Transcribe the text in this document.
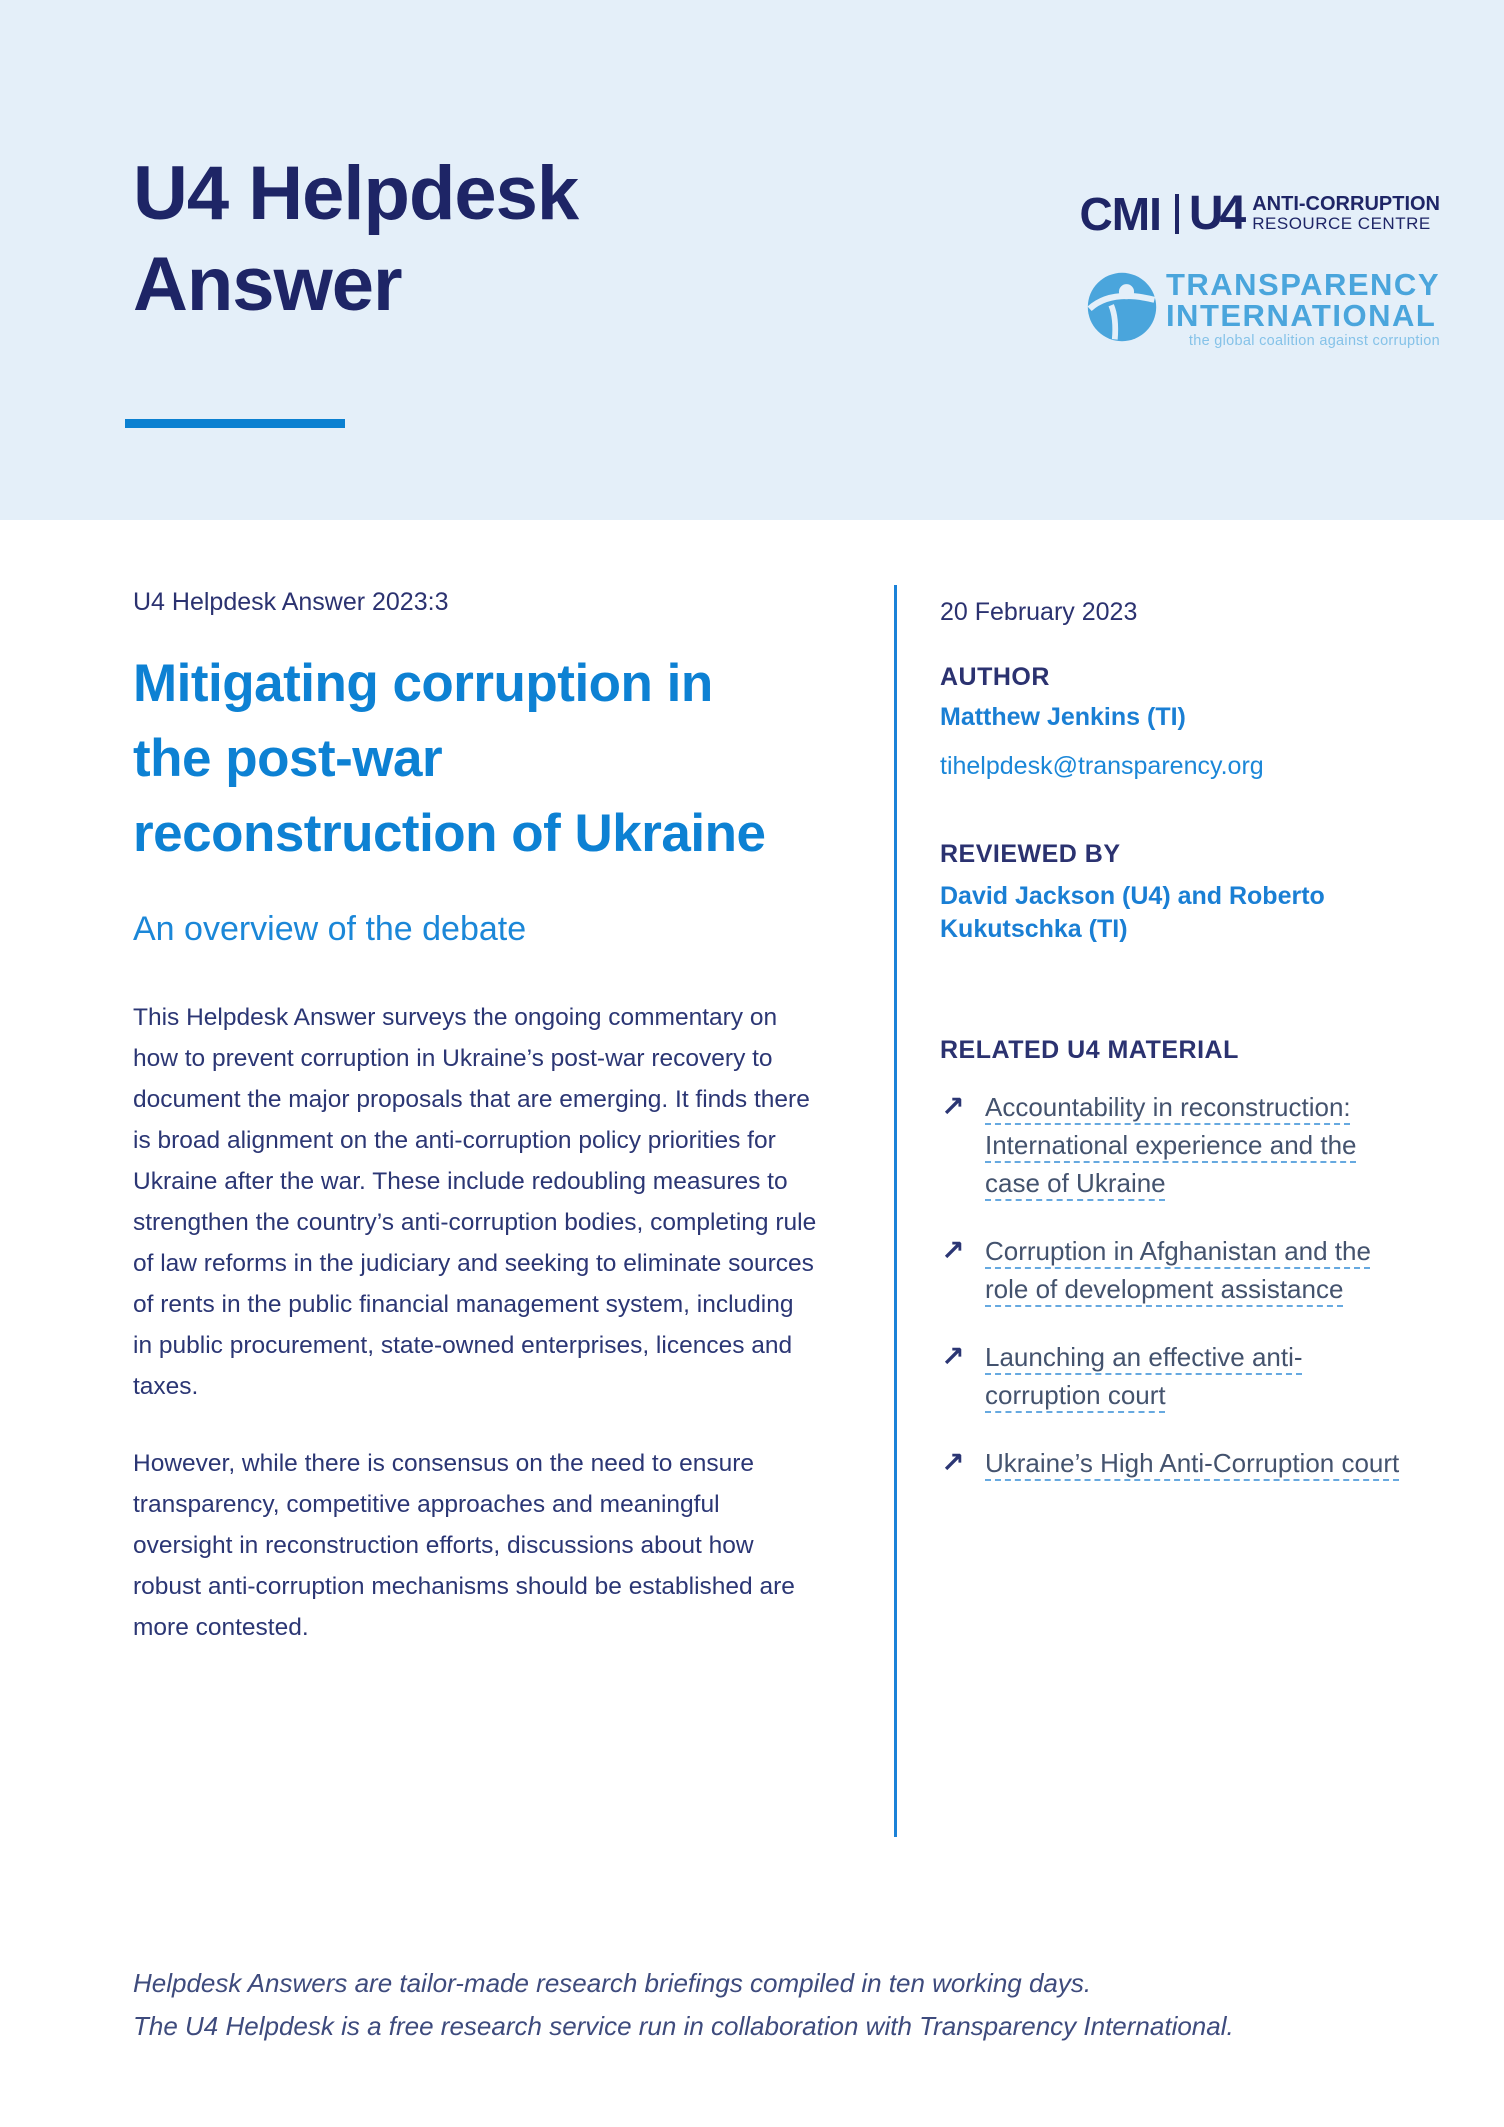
U4 Helpdesk Answer
CMI U4 ANTI-CORRUPTION
RESOURCE CENTRE
TRANSPARENCY
INTERNATIONAL
the global coalition against corruption
U4 Helpdesk Answer 2023:3
Mitigating corruption in
the post-war
reconstruction of Ukraine
An overview of the debate

This Helpdesk Answer surveys the ongoing commentary on how to prevent corruption in Ukraine’s post-war recovery to document the major proposals that are emerging. It finds there is broad alignment on the anti-corruption policy priorities for Ukraine after the war. These include redoubling measures to strengthen the country’s anti-corruption bodies, completing rule of law reforms in the judiciary and seeking to eliminate sources of rents in the public financial management system, including in public procurement, state-owned enterprises, licences and taxes.

However, while there is consensus on the need to ensure transparency, competitive approaches and meaningful oversight in reconstruction efforts, discussions about how robust anti-corruption mechanisms should be established are more contested.

20 February 2023
AUTHOR
Matthew Jenkins (TI)
tihelpdesk@transparency.org
REVIEWED BY
David Jackson (U4) and Roberto Kukutschka (TI)
RELATED U4 MATERIAL
↗ Accountability in reconstruction: International experience and the case of Ukraine
↗ Corruption in Afghanistan and the role of development assistance
↗ Launching an effective anti-corruption court
↗ Ukraine’s High Anti-Corruption court
Helpdesk Answers are tailor-made research briefings compiled in ten working days.
The U4 Helpdesk is a free research service run in collaboration with Transparency International.
